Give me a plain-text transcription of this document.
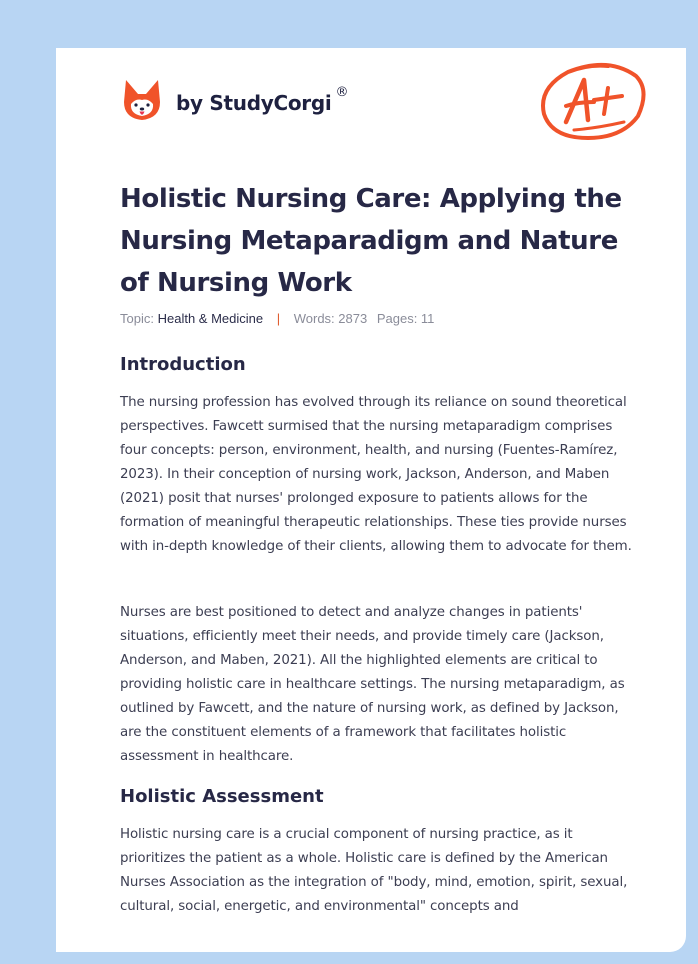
by StudyCorgi ®
Holistic Nursing Care: Applying the Nursing Metaparadigm and Nature of Nursing Work
Topic: Health & Medicine | Words: 2873 Pages: 11
Introduction

The nursing profession has evolved through its reliance on sound theoretical perspectives. Fawcett surmised that the nursing metaparadigm comprises four concepts: person, environment, health, and nursing (Fuentes-Ramírez, 2023). In their conception of nursing work, Jackson, Anderson, and Maben (2021) posit that nurses' prolonged exposure to patients allows for the formation of meaningful therapeutic relationships. These ties provide nurses with in-depth knowledge of their clients, allowing them to advocate for them.

Nurses are best positioned to detect and analyze changes in patients' situations, efficiently meet their needs, and provide timely care (Jackson, Anderson, and Maben, 2021). All the highlighted elements are critical to providing holistic care in healthcare settings. The nursing metaparadigm, as outlined by Fawcett, and the nature of nursing work, as defined by Jackson, are the constituent elements of a framework that facilitates holistic assessment in healthcare.

Holistic Assessment

Holistic nursing care is a crucial component of nursing practice, as it prioritizes the patient as a whole. Holistic care is defined by the American Nurses Association as the integration of "body, mind, emotion, spirit, sexual, cultural, social, energetic, and environmental" concepts and
